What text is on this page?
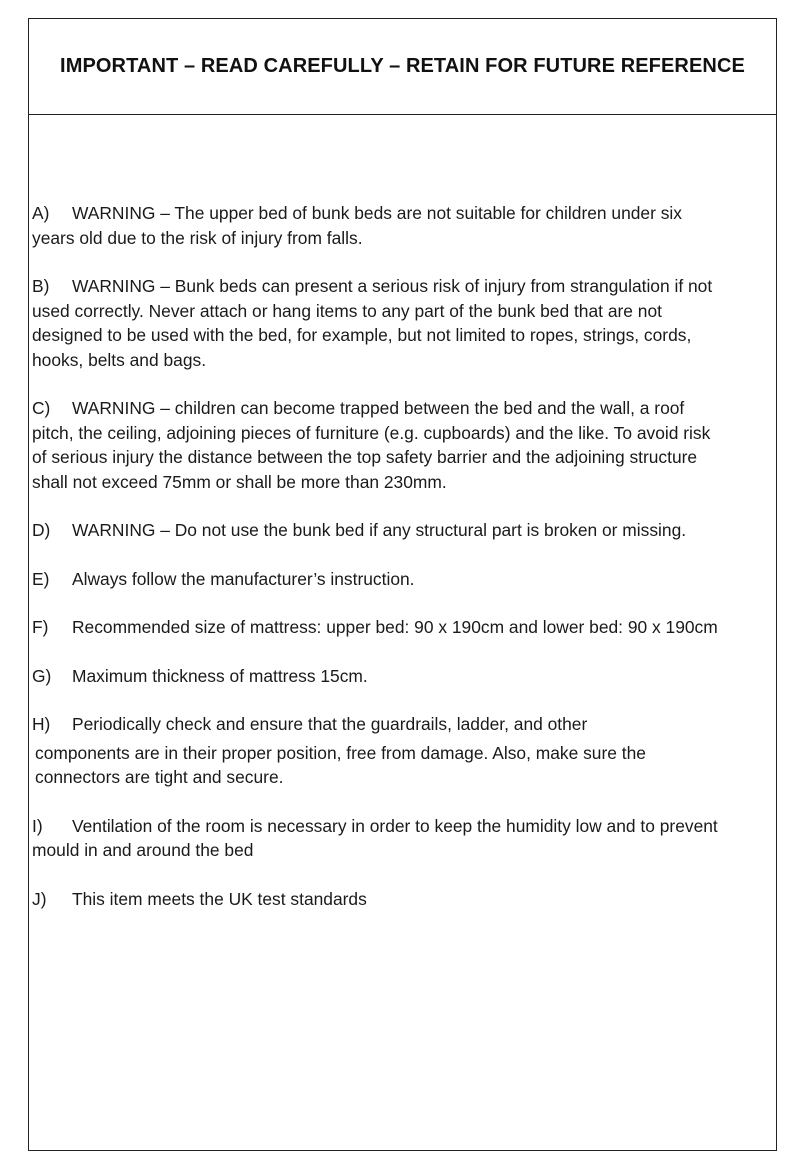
IMPORTANT – READ CAREFULLY – RETAIN FOR FUTURE REFERENCE

A) WARNING – The upper bed of bunk beds are not suitable for children under six years old due to the risk of injury from falls.

B) WARNING – Bunk beds can present a serious risk of injury from strangulation if not used correctly. Never attach or hang items to any part of the bunk bed that are not designed to be used with the bed, for example, but not limited to ropes, strings, cords, hooks, belts and bags.

C) WARNING – children can become trapped between the bed and the wall, a roof pitch, the ceiling, adjoining pieces of furniture (e.g. cupboards) and the like. To avoid risk of serious injury the distance between the top safety barrier and the adjoining structure shall not exceed 75mm or shall be more than 230mm.

D) WARNING – Do not use the bunk bed if any structural part is broken or missing.

E) Always follow the manufacturer’s instruction.

F) Recommended size of mattress: upper bed: 90 x 190cm and lower bed: 90 x 190cm

G) Maximum thickness of mattress 15cm.

H) Periodically check and ensure that the guardrails, ladder, and other
components are in their proper position, free from damage. Also, make sure the connectors are tight and secure.

I) Ventilation of the room is necessary in order to keep the humidity low and to prevent mould in and around the bed

J) This item meets the UK test standards
